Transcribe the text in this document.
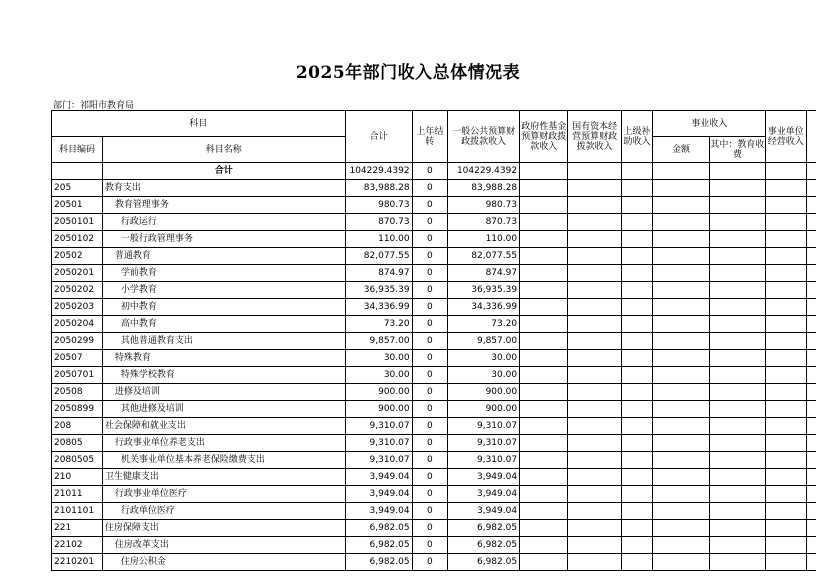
2025年部门收入总体情况表
部门：祁阳市教育局
科目		合计	上年结转	一般公共预算财政拨款收入	政府性基金预算财政拨款收入	国有资本经营预算财政拨款收入	上级补助收入	事业收入		事业单位经营收入	
科目编码	科目名称							金额	其中：教育收费		
	合计	104229.4392	0	104229.4392							
205	教育支出	83,988.28	0	83,988.28							
20501	教育管理事务	980.73	0	980.73							
2050101	行政运行	870.73	0	870.73							
2050102	一般行政管理事务	110.00	0	110.00							
20502	普通教育	82,077.55	0	82,077.55							
2050201	学前教育	874.97	0	874.97							
2050202	小学教育	36,935.39	0	36,935.39							
2050203	初中教育	34,336.99	0	34,336.99							
2050204	高中教育	73.20	0	73.20							
2050299	其他普通教育支出	9,857.00	0	9,857.00							
20507	特殊教育	30.00	0	30.00							
2050701	特殊学校教育	30.00	0	30.00							
20508	进修及培训	900.00	0	900.00							
2050899	其他进修及培训	900.00	0	900.00							
208	社会保障和就业支出	9,310.07	0	9,310.07							
20805	行政事业单位养老支出	9,310.07	0	9,310.07							
2080505	机关事业单位基本养老保险缴费支出	9,310.07	0	9,310.07							
210	卫生健康支出	3,949.04	0	3,949.04							
21011	行政事业单位医疗	3,949.04	0	3,949.04							
2101101	行政单位医疗	3,949.04	0	3,949.04							
221	住房保障支出	6,982.05	0	6,982.05							
22102	住房改革支出	6,982.05	0	6,982.05							
2210201	住房公积金	6,982.05	0	6,982.05							
